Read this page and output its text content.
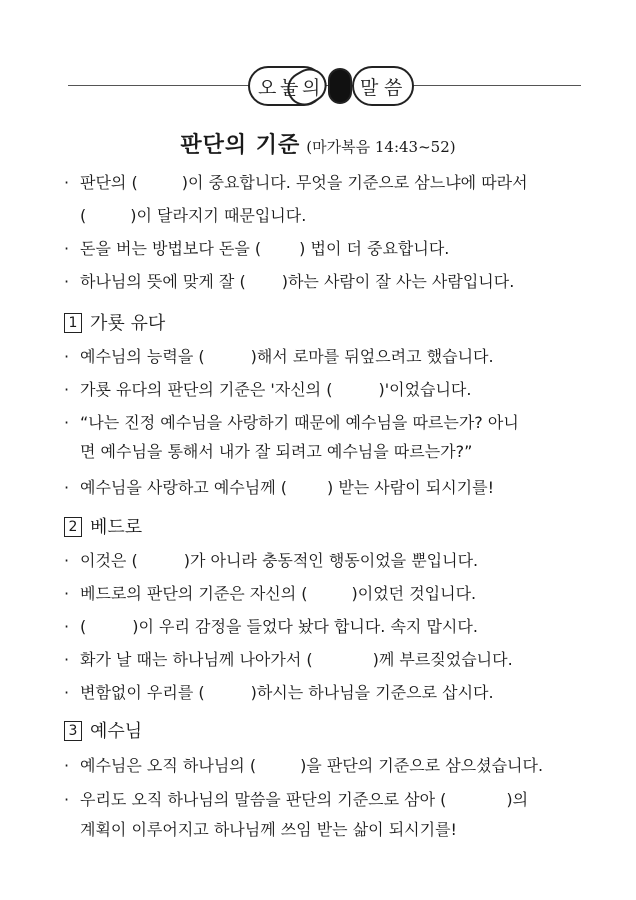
오 늘 의 말 씀
판단의 기준 (마가복음 14:43~52)
· 판단의 (	)이 중요합니다. 무엇을 기준으로 삼느냐에 따라서
(	)이 달라지기 때문입니다.
· 돈을 버는 방법보다 돈을 ( ) 법이 더 중요합니다.
· 하나님의 뜻에 맞게 잘 ( )하는 사람이 잘 사는 사람입니다.
1 가룟 유다
· 예수님의 능력을 (	)해서 로마를 뒤엎으려고 했습니다.
· 가룟 유다의 판단의 기준은 '자신의 (	)'이었습니다.
· “나는 진정 예수님을 사랑하기 때문에 예수님을 따르는가? 아니
면 예수님을 통해서 내가 잘 되려고 예수님을 따르는가?”
· 예수님을 사랑하고 예수님께 (	) 받는 사람이 되시기를!
2 베드로
· 이것은 (	)가 아니라 충동적인 행동이었을 뿐입니다.
· 베드로의 판단의 기준은 자신의 (	)이었던 것입니다.
· (	)이 우리 감정을 들었다 놨다 합니다. 속지 맙시다.
· 화가 날 때는 하나님께 나아가서 (	)께 부르짖었습니다.
· 변함없이 우리를 (	)하시는 하나님을 기준으로 삽시다.
3 예수님
· 예수님은 오직 하나님의 (	)을 판단의 기준으로 삼으셨습니다.
· 우리도 오직 하나님의 말씀을 판단의 기준으로 삼아 (	)의
계획이 이루어지고 하나님께 쓰임 받는 삶이 되시기를!
